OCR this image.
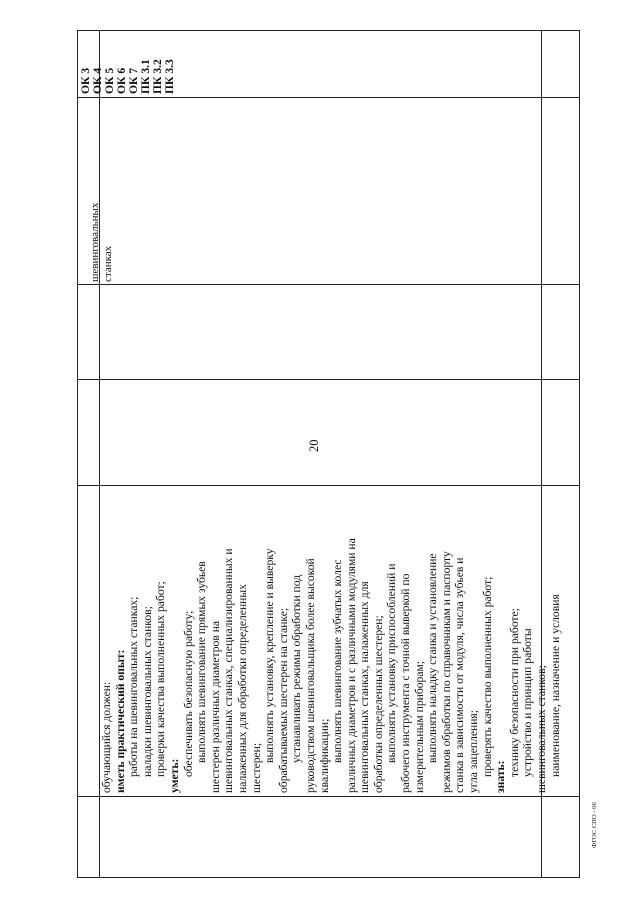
обучающийся должен: иметь практический опыт: работы на шевинговальных станках; наладки шевинговальных станков; проверки качества выполненных работ; уметь: обеспечивать безопасную работу; выполнять шевингование прямых зубьев шестерен различных диаметров на шевинговальных станках, специализированных и налаженных для обработки определенных шестерен;
выполнять установку, крепление и выверку обрабатываемых шестерен на станке; устанавливать режимы обработки под руководством шевинговальщика более высокой квалификации; выполнять шевингование зубчатых колес различных диаметров и с различными модулями на шевинговальных станках, налаженных для обработки определенных шестерен; выполнять установку приспособлений и рабочего инструмента с точной выверкой по измерительным приборам; выполнять наладку станка и установление режимов обработки по справочникам и паспорту станка в зависимости от модуля, числа зубьев и угла зацепления; проверять качество выполненных работ; знать: технику безопасности при работе; устройство и принцип работы шевинговальных станков; наименование, назначение и условия
шевинговальных станках
ОК 3 ОК 4 ОК 5 ОК 6 ОК 7 ПК 3.1 ПК 3.2 ПК 3.3
20
ФГОС СПО - 06
